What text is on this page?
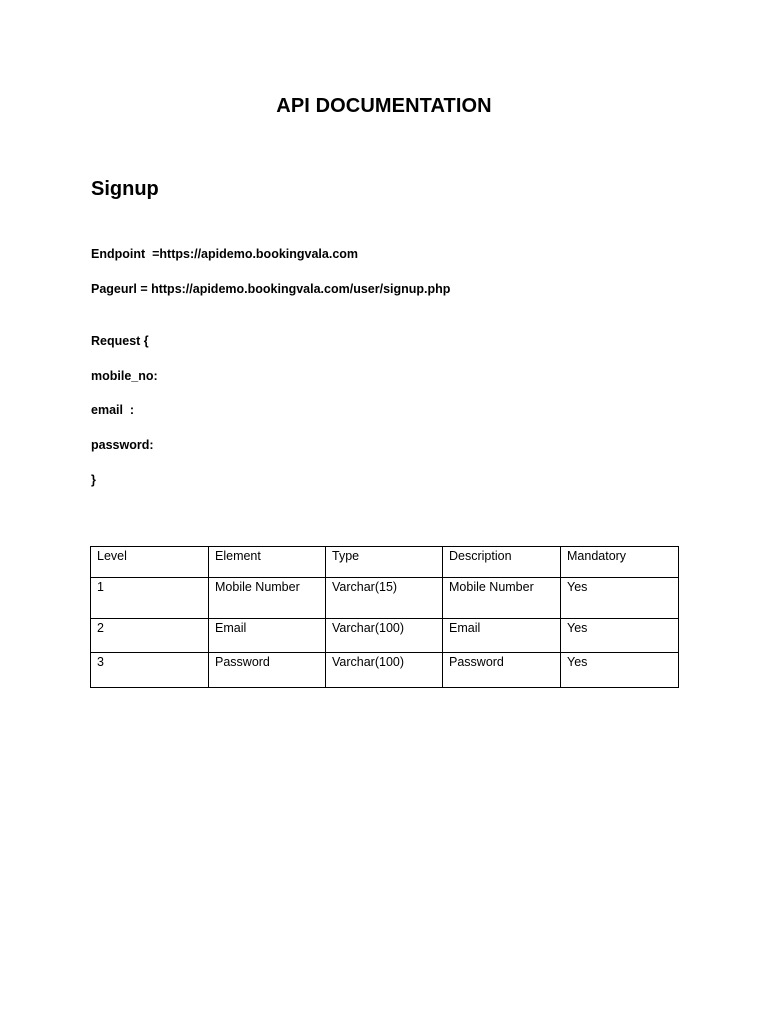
API DOCUMENTATION
Signup
Endpoint  =https://apidemo.bookingvala.com
Pageurl = https://apidemo.bookingvala.com/user/signup.php
Request {
mobile_no:
email  :
password:
}
Level	Element	Type	Description	Mandatory
1	Mobile Number	Varchar(15)	Mobile Number	Yes
2	Email	Varchar(100)	Email	Yes
3	Password	Varchar(100)	Password	Yes
